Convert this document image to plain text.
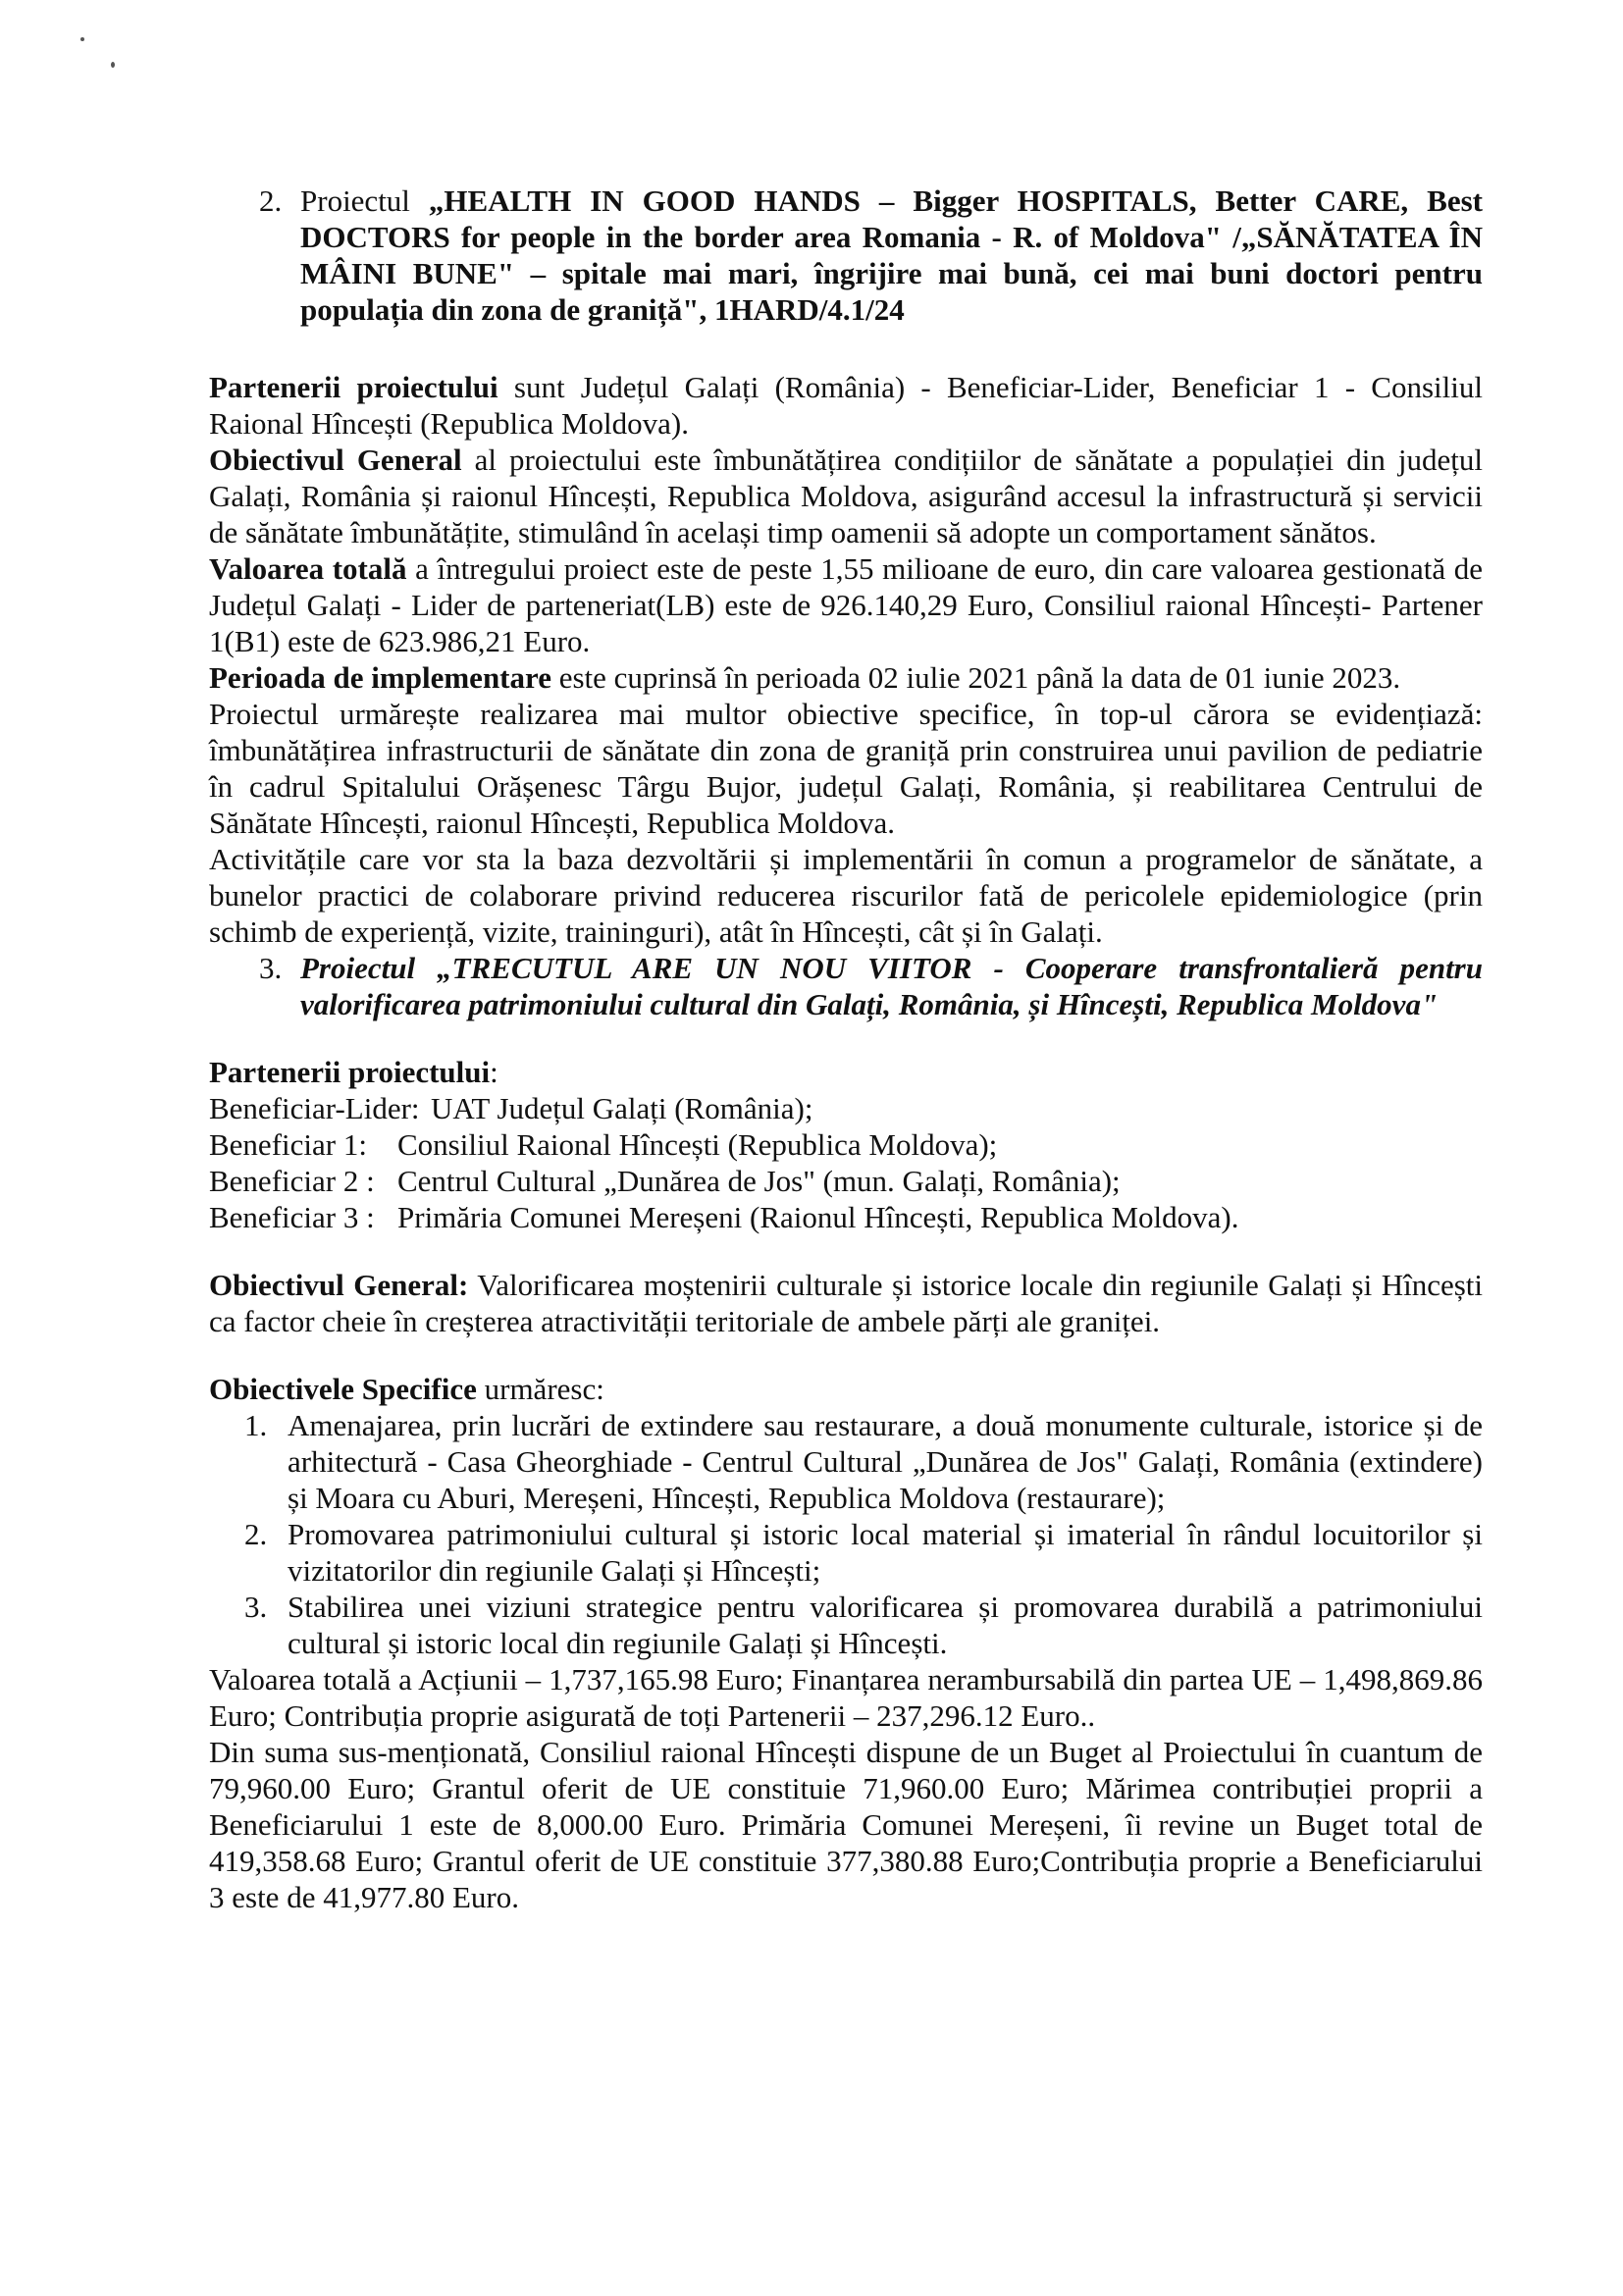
2. Proiectul „HEALTH IN GOOD HANDS – Bigger HOSPITALS, Better CARE, Best DOCTORS for people in the border area Romania - R. of Moldova" /„SĂNĂTATEA ÎN MÂINI BUNE" – spitale mai mari, îngrijire mai bună, cei mai buni doctori pentru populația din zona de graniță", 1HARD/4.1/24

Partenerii proiectului sunt Județul Galați (România) - Beneficiar-Lider, Beneficiar 1 - Consiliul Raional Hîncești (Republica Moldova).

Obiectivul General al proiectului este îmbunătățirea condițiilor de sănătate a populației din județul Galați, România și raionul Hîncești, Republica Moldova, asigurând accesul la infrastructură și servicii de sănătate îmbunătățite, stimulând în același timp oamenii să adopte un comportament sănătos.

Valoarea totală a întregului proiect este de peste 1,55 milioane de euro, din care valoarea gestionată de Județul Galați - Lider de parteneriat(LB) este de 926.140,29 Euro, Consiliul raional Hîncești- Partener 1(B1) este de 623.986,21 Euro.

Perioada de implementare este cuprinsă în perioada 02 iulie 2021 până la data de 01 iunie 2023.

Proiectul urmărește realizarea mai multor obiective specifice, în top-ul cărora se evidențiază: îmbunătățirea infrastructurii de sănătate din zona de graniță prin construirea unui pavilion de pediatrie în cadrul Spitalului Orășenesc Târgu Bujor, județul Galați, România, și reabilitarea Centrului de Sănătate Hîncești, raionul Hîncești, Republica Moldova.

Activitățile care vor sta la baza dezvoltării și implementării în comun a programelor de sănătate, a bunelor practici de colaborare privind reducerea riscurilor fată de pericolele epidemiologice (prin schimb de experiență, vizite, traininguri), atât în Hîncești, cât și în Galați.

3. Proiectul „TRECUTUL ARE UN NOU VIITOR - Cooperare transfrontalieră pentru valorificarea patrimoniului cultural din Galați, România, și Hîncești, Republica Moldova"

Partenerii proiectului:

Beneficiar-Lider: UAT Județul Galați (România);
Beneficiar 1: Consiliul Raional Hîncești (Republica Moldova);
Beneficiar 2 : Centrul Cultural „Dunărea de Jos" (mun. Galați, România);
Beneficiar 3 : Primăria Comunei Mereșeni (Raionul Hîncești, Republica Moldova).

Obiectivul General: Valorificarea moștenirii culturale și istorice locale din regiunile Galați și Hîncești ca factor cheie în creșterea atractivității teritoriale de ambele părți ale graniței.

Obiectivele Specifice urmăresc:

1. Amenajarea, prin lucrări de extindere sau restaurare, a două monumente culturale, istorice și de arhitectură - Casa Gheorghiade - Centrul Cultural „Dunărea de Jos" Galați, România (extindere) și Moara cu Aburi, Mereșeni, Hîncești, Republica Moldova (restaurare);
2. Promovarea patrimoniului cultural și istoric local material și imaterial în rândul locuitorilor și vizitatorilor din regiunile Galați și Hîncești;
3. Stabilirea unei viziuni strategice pentru valorificarea și promovarea durabilă a patrimoniului cultural și istoric local din regiunile Galați și Hîncești.

Valoarea totală a Acțiunii – 1,737,165.98 Euro; Finanțarea nerambursabilă din partea UE – 1,498,869.86 Euro; Contribuția proprie asigurată de toți Partenerii – 237,296.12 Euro..

Din suma sus-menționată, Consiliul raional Hîncești dispune de un Buget al Proiectului în cuantum de 79,960.00 Euro; Grantul oferit de UE constituie 71,960.00 Euro; Mărimea contribuției proprii a Beneficiarului 1 este de 8,000.00 Euro. Primăria Comunei Mereșeni, îi revine un Buget total de 419,358.68 Euro; Grantul oferit de UE constituie 377,380.88 Euro;Contribuția proprie a Beneficiarului 3 este de 41,977.80 Euro.
